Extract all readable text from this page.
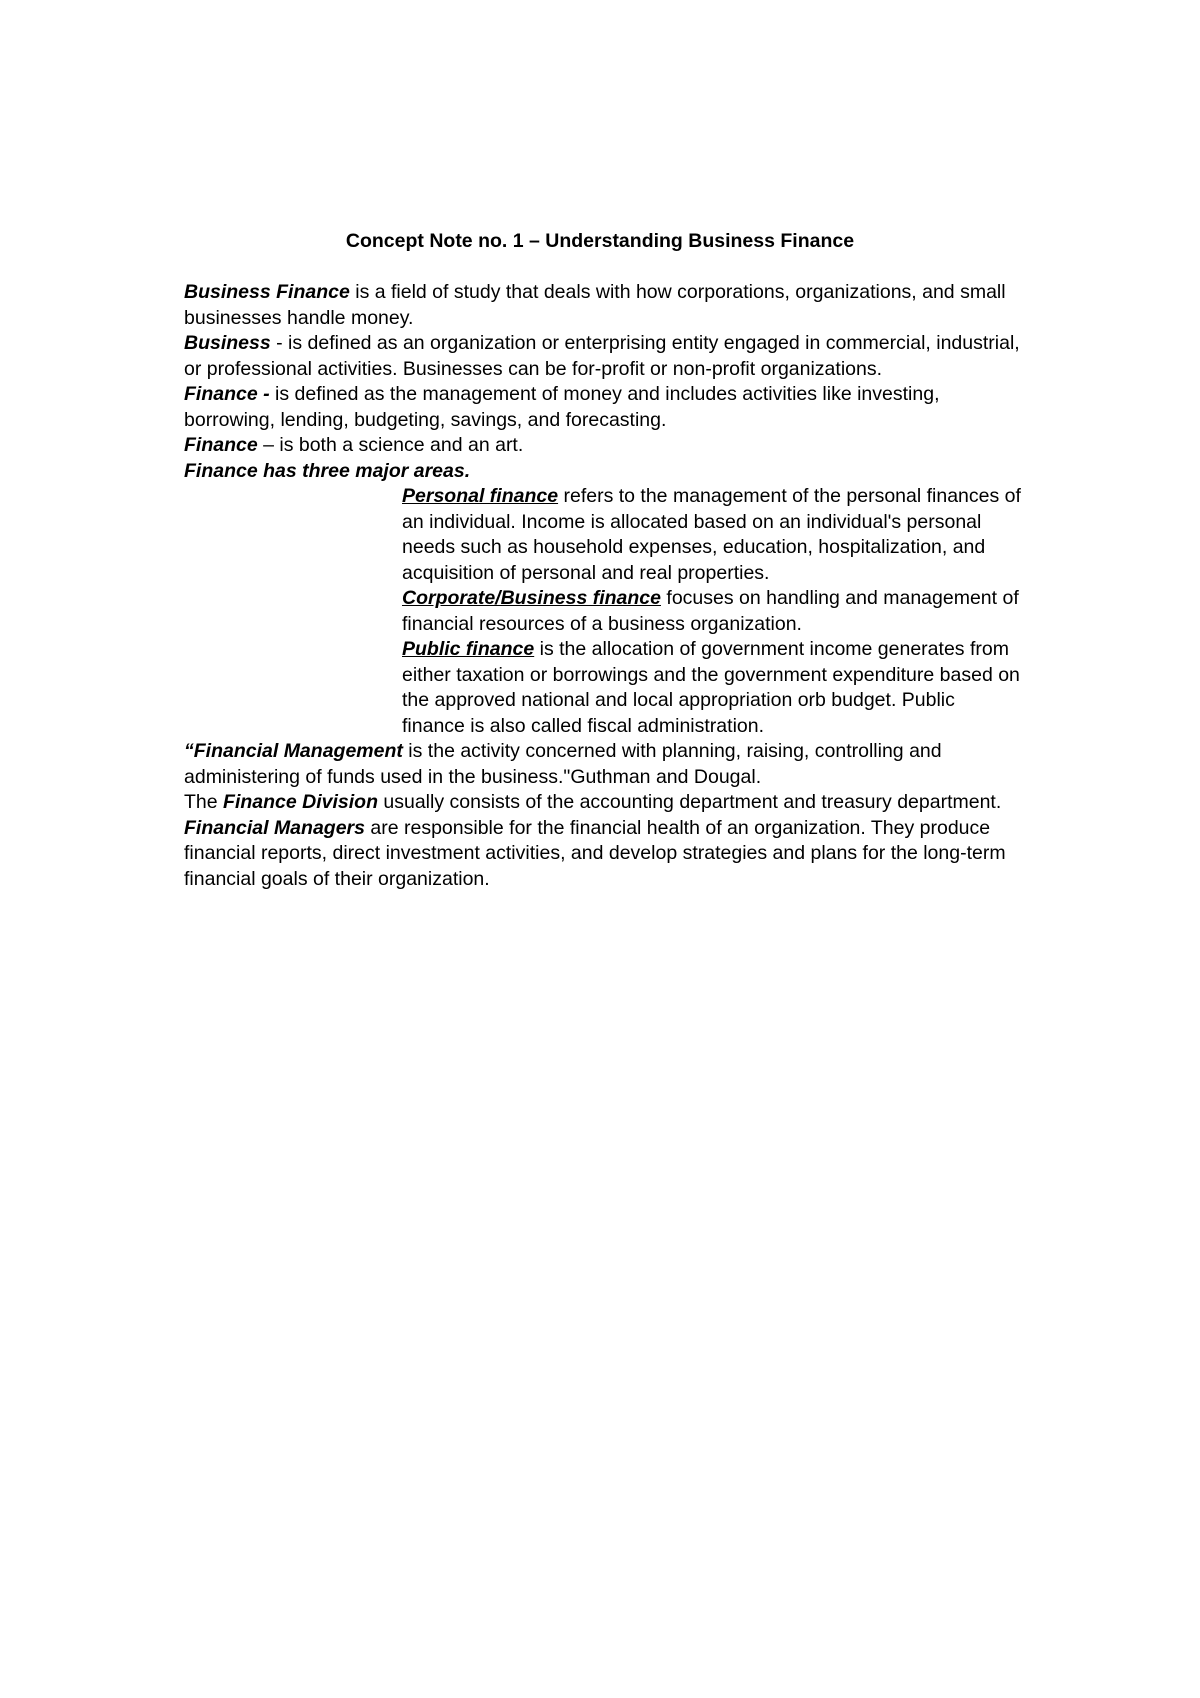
Concept Note no. 1 – Understanding Business Finance

Business Finance is a field of study that deals with how corporations, organizations, and small businesses handle money.

Business - is defined as an organization or enterprising entity engaged in commercial, industrial, or professional activities. Businesses can be for-profit or non-profit organizations.

Finance - is defined as the management of money and includes activities like investing, borrowing, lending, budgeting, savings, and forecasting.

Finance – is both a science and an art.

Finance has three major areas.

Personal finance refers to the management of the personal finances of an individual. Income is allocated based on an individual's personal needs such as household expenses, education, hospitalization, and acquisition of personal and real properties.

Corporate/Business finance focuses on handling and management of financial resources of a business organization.

Public finance is the allocation of government income generates from either taxation or borrowings and the government expenditure based on the approved national and local appropriation orb budget. Public finance is also called fiscal administration.

“Financial Management is the activity concerned with planning, raising, controlling and administering of funds used in the business."Guthman and Dougal.

The Finance Division usually consists of the accounting department and treasury department.

Financial Managers are responsible for the financial health of an organization. They produce financial reports, direct investment activities, and develop strategies and plans for the long-term financial goals of their organization.
